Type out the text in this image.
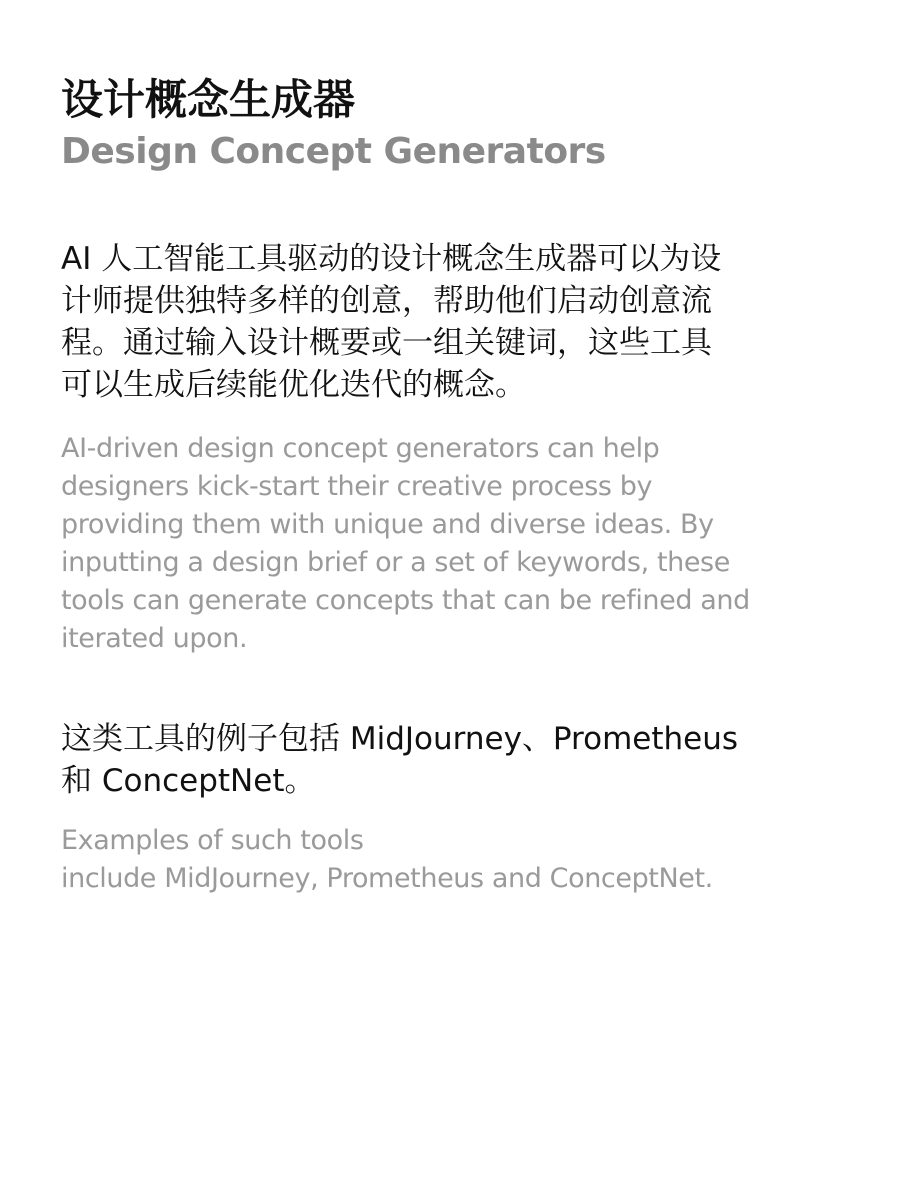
设计概念生成器
Design Concept Generators
AI 人工智能工具驱动的设计概念生成器可以为设
计师提供独特多样的创意，帮助他们启动创意流
程。通过输入设计概要或一组关键词，这些工具
可以生成后续能优化迭代的概念。
AI-driven design concept generators can help
designers kick-start their creative process by
providing them with unique and diverse ideas. By
inputting a design brief or a set of keywords, these
tools can generate concepts that can be refined and
iterated upon.
这类工具的例子包括 MidJourney、Prometheus
和 ConceptNet。
Examples of such tools
include MidJourney, Prometheus and ConceptNet.
